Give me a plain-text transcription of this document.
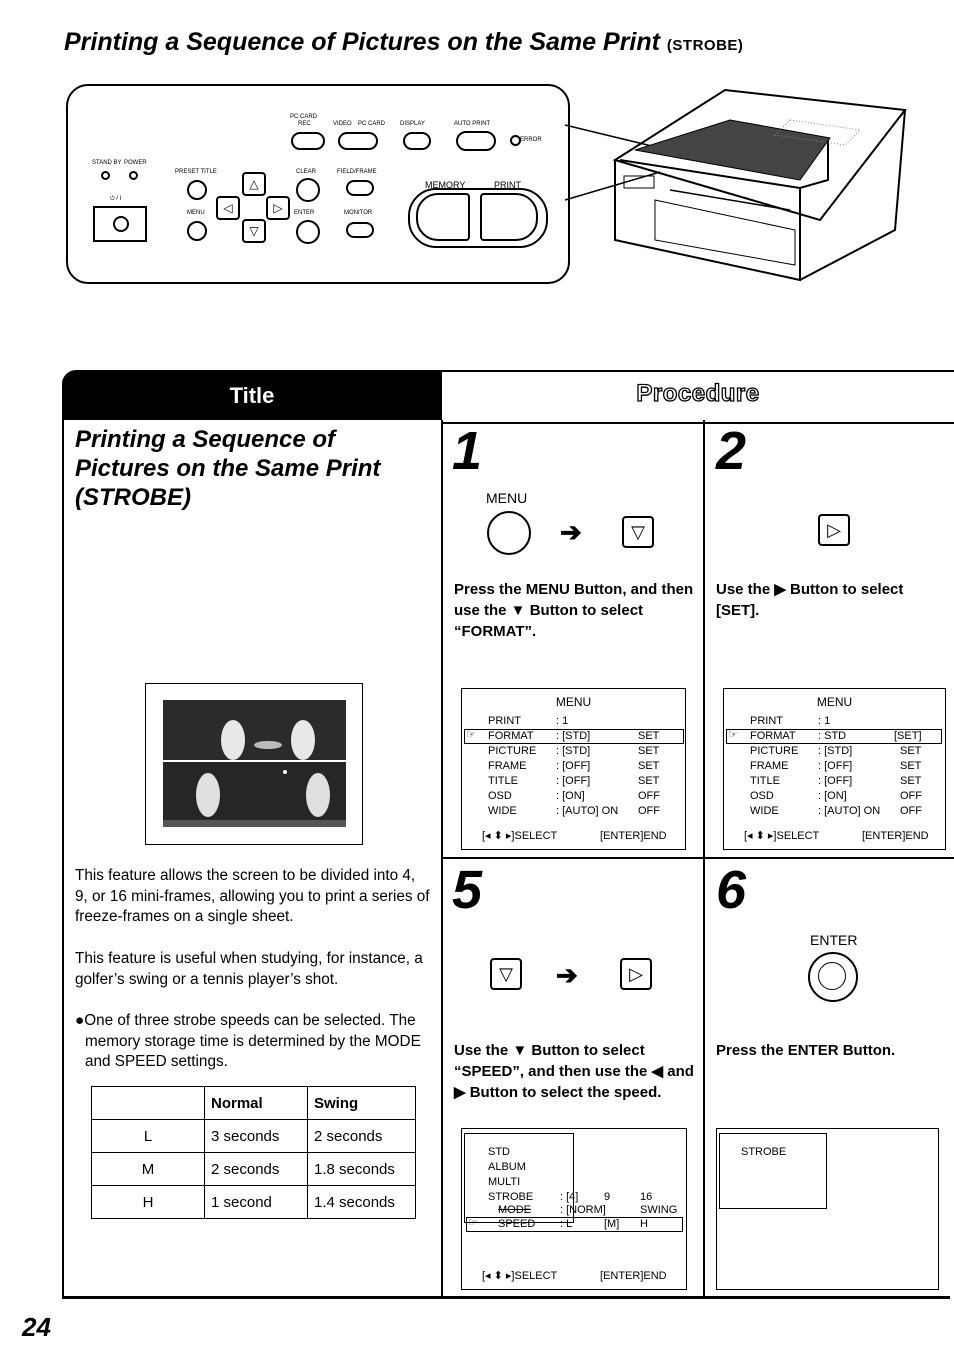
Printing a Sequence of Pictures on the Same Print (STROBE)
PC CARD
REC	VIDEO PC CARD DISPLAY	AUTO PRINT
ERROR
STAND BY POWER
⏻ / I
PRESET TITLE
MENU
△
◁	▷
▽
CLEAR
ENTER
FIELD/FRAME
MONITOR
MEMORY	PRINT
Title	Procedure
Printing a Sequence of Pictures on the Same Print (STROBE)
This feature allows the screen to be divided into 4, 9, or 16 mini-frames, allowing you to print a series of freeze-frames on a single sheet.
This feature is useful when studying, for instance, a golfer’s swing or a tennis player’s shot.
●One of three strobe speeds can be selected. The memory storage time is determined by the MODE and SPEED settings.
	Normal	Swing
L	3 seconds	2 seconds
M	2 seconds	1.8 seconds
H	1 second	1.4 seconds
1
MENU
➔	▽
Press the MENU Button, and then use the ▼ Button to select “FORMAT”.
MENU
PRINT	: 1
☞ FORMAT : [STD]	SET
PICTURE : [STD]	SET
FRAME	: [OFF]	SET
TITLE	: [OFF]	SET
OSD	: [ON]	OFF
WIDE	: [AUTO] ON OFF
[◂ ⬍ ▸]SELECT	[ENTER]END
2
▷
Use the ▶ Button to select [SET].
MENU
PRINT	: 1
☞ FORMAT : STD	[SET]
PICTURE : [STD]	SET
FRAME	: [OFF]	SET
TITLE	: [OFF]	SET
OSD	: [ON]	OFF
WIDE	: [AUTO] ON OFF
[◂ ⬍ ▸]SELECT	[ENTER]END
5
▽	➔	▷
Use the ▼ Button to select “SPEED”, and then use the ◀ and ▶ Button to select the speed.
STD
ALBUM
MULTI
STROBE : [4] 9	16
MODE	: [NORM]	SWING
☞ SPEED : L	[M] H
[◂ ⬍ ▸]SELECT	[ENTER]END
6
ENTER
Press the ENTER Button.
STROBE
24
